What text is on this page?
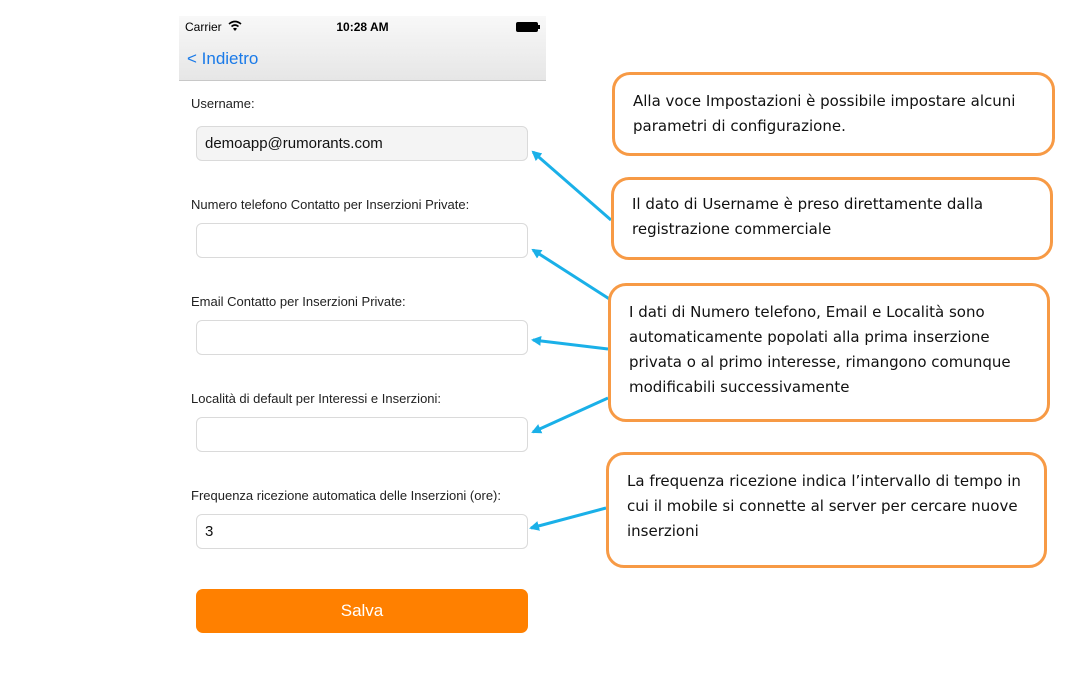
Carrier	10:28 AM
< Indietro
Username:
demoapp@rumorants.com
Numero telefono Contatto per Inserzioni Private:
Email Contatto per Inserzioni Private:
Località di default per Interessi e Inserzioni:
Frequenza ricezione automatica delle Inserzioni (ore):
3
Salva
Alla voce Impostazioni è possibile impostare alcuni parametri di configurazione.
Il dato di Username è preso direttamente dalla registrazione commerciale
I dati di Numero telefono, Email e Località sono automaticamente popolati alla prima inserzione privata o al primo interesse, rimangono comunque modificabili successivamente
La frequenza ricezione indica l’intervallo di tempo in cui il mobile si connette al server per cercare nuove inserzioni
